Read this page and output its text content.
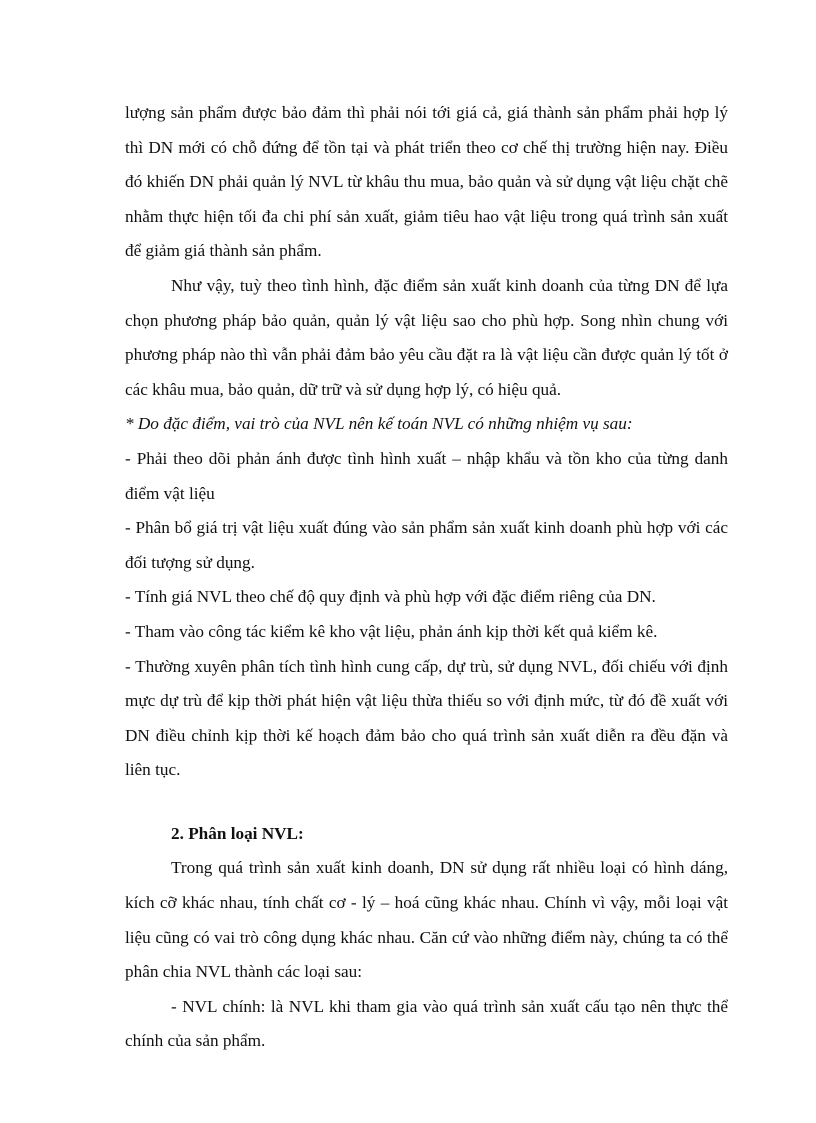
lượng sản phẩm được bảo đảm thì phải nói tới giá cả, giá thành sản phẩm phải hợp lý thì DN mới có chỗ đứng để tồn tại và phát triển theo cơ chế thị trường hiện nay. Điều đó khiến DN phải quản lý NVL từ khâu thu mua, bảo quản và sử dụng vật liệu chặt chẽ nhằm thực hiện tối đa chi phí sản xuất, giảm tiêu hao vật liệu trong quá trình sản xuất để giảm giá thành sản phẩm.

Như vậy, tuỳ theo tình hình, đặc điểm sản xuất kinh doanh của từng DN để lựa chọn phương pháp bảo quản, quản lý vật liệu sao cho phù hợp. Song nhìn chung với phương pháp nào thì vẫn phải đảm bảo yêu cầu đặt ra là vật liệu cần được quản lý tốt ở các khâu mua, bảo quản, dữ trữ và sử dụng hợp lý, có hiệu quả.

* Do đặc điểm, vai trò của NVL nên kế toán NVL có những nhiệm vụ sau:

- Phải theo dõi phản ánh được tình hình xuất – nhập khẩu và tồn kho của từng danh điểm vật liệu

- Phân bổ giá trị vật liệu xuất đúng vào sản phẩm sản xuất kinh doanh phù hợp với các đối tượng sử dụng.

- Tính giá NVL theo chế độ quy định và phù hợp với đặc điểm riêng của DN.

- Tham vào công tác kiểm kê kho vật liệu, phản ánh kịp thời kết quả kiểm kê.

- Thường xuyên phân tích tình hình cung cấp, dự trù, sử dụng NVL, đối chiếu với định mực dự trù để kịp thời phát hiện vật liệu thừa thiếu so với định mức, từ đó đề xuất với DN điều chỉnh kịp thời kế hoạch đảm bảo cho quá trình sản xuất diễn ra đều đặn và liên tục.

2. Phân loại NVL:

Trong quá trình sản xuất kinh doanh, DN sử dụng rất nhiều loại có hình dáng, kích cỡ khác nhau, tính chất cơ - lý – hoá cũng khác nhau. Chính vì vậy, mỗi loại vật liệu cũng có vai trò công dụng khác nhau. Căn cứ vào những điểm này, chúng ta có thể phân chia NVL thành các loại sau:

- NVL chính: là NVL khi tham gia vào quá trình sản xuất cấu tạo nên thực thể chính của sản phẩm.
